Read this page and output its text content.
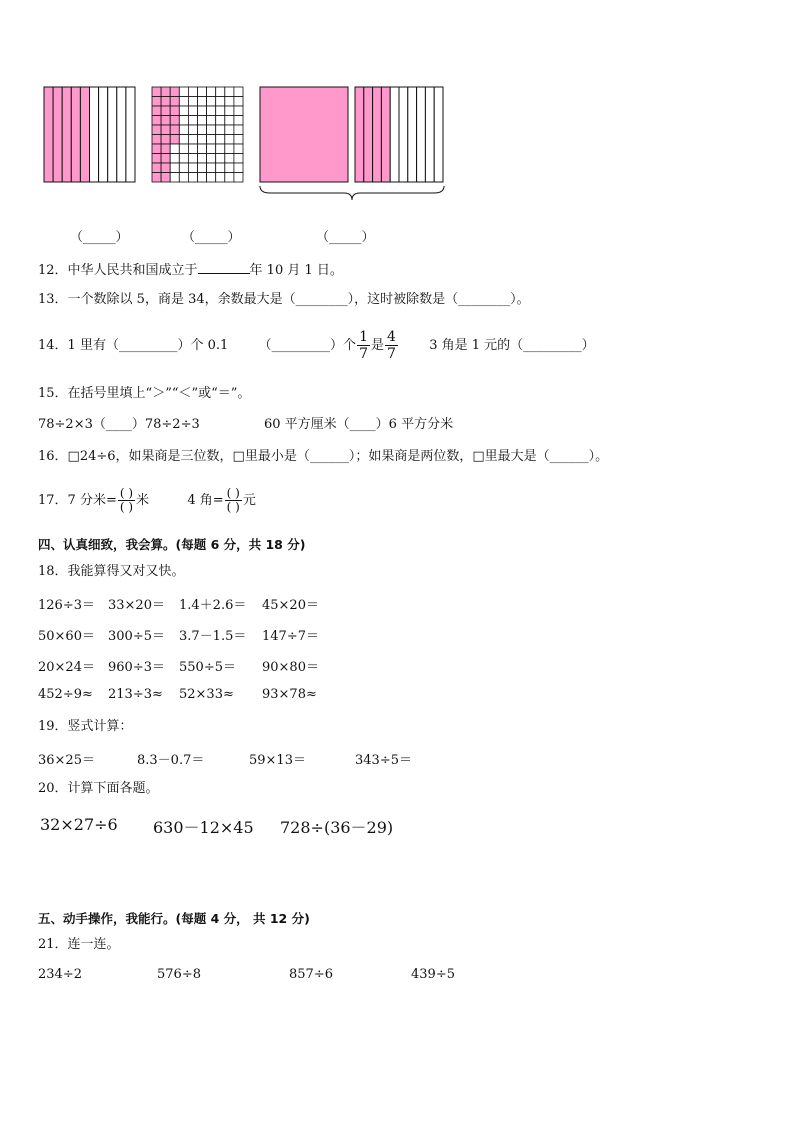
（_____）	（_____）	（_____）
12．中华人民共和国成立于	年 10 月 1 日。
13．一个数除以 5，商是 34，余数最大是（________），这时被除数是（________）。
14．1 里有（_________）个 0.1 （_________）个 $\frac{1}{7}$ 是 $\frac{4}{7} 3$ 角是 1 元的（_________）
15．在括号里填上“＞”“＜”或“＝”。
78÷2×3（____）78÷2÷3	60 平方厘米（____）6 平方分米
16．□24÷6，如果商是三位数，□里最小是（______）；如果商是两位数，□里最大是（______）。
17．7 分米= $\frac{( )}{( )}$ 米	4 角= $\frac{( )}{( )}$ 元
四、认真细致，我会算。(每题 6 分，共 18 分)
18．我能算得又对又快。
126÷3＝ 33×20＝ 1.4＋2.6＝ 45×20＝
50×60＝ 300÷5＝ 3.7－1.5＝ 147÷7＝
20×24＝ 960÷3＝ 550÷5＝ 90×80＝
452÷9≈ 213÷3≈ 52×33≈ 93×78≈
19．竖式计算：
36×25＝	8.3－0.7＝	59×13＝	343÷5＝
20．计算下面各题。
32×27÷6 630－12×45 728÷(36－29)
五、动手操作，我能行。(每题 4 分， 共 12 分)
21．连一连。
234÷2	576÷8	857÷6	439÷5
